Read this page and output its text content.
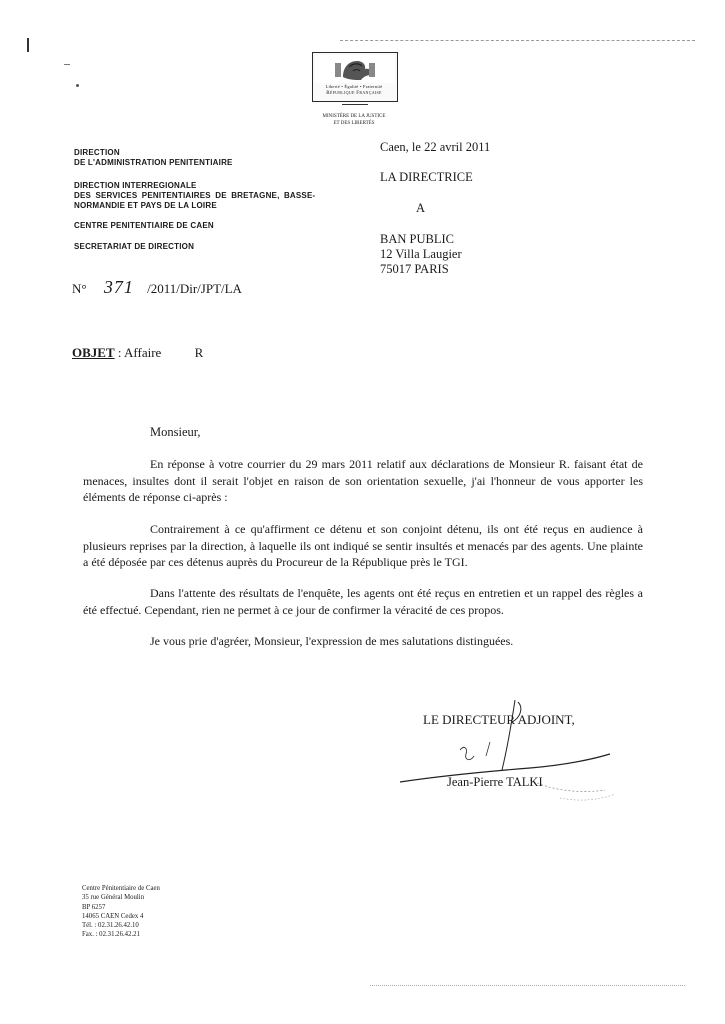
Liberté • Égalité • Fraternité
République Française
MINISTÈRE DE LA JUSTICE
ET DES LIBERTÉS
DIRECTION
DE L'ADMINISTRATION PENITENTIAIRE
DIRECTION INTERREGIONALE
DES SERVICES PENITENTIAIRES DE BRETAGNE, BASSE-
NORMANDIE ET PAYS DE LA LOIRE
CENTRE PENITENTIAIRE DE CAEN
SECRETARIAT DE DIRECTION
N° 371 /2011/Dir/JPT/LA
Caen, le 22 avril 2011
LA DIRECTRICE
A
BAN PUBLIC
12 Villa Laugier
75017 PARIS
OBJET : Affaire	R
Monsieur,
En réponse à votre courrier du 29 mars 2011 relatif aux déclarations de Monsieur R. faisant état de menaces, insultes dont il serait l'objet en raison de son orientation sexuelle, j'ai l'honneur de vous apporter les éléments de réponse ci-après :
Contrairement à ce qu'affirment ce détenu et son conjoint détenu, ils ont été reçus en audience à plusieurs reprises par la direction, à laquelle ils ont indiqué se sentir insultés et menacés par des agents. Une plainte a été déposée par ces détenus auprès du Procureur de la République près le TGI.
Dans l'attente des résultats de l'enquête, les agents ont été reçus en entretien et un rappel des règles a été effectué. Cependant, rien ne permet à ce jour de confirmer la véracité de ces propos.
Je vous prie d'agréer, Monsieur, l'expression de mes salutations distinguées.
LE DIRECTEUR ADJOINT,
Jean-Pierre TALKI
Centre Pénitentiaire de Caen
35 rue Général Moulin
BP 6257
14065 CAEN Cedex 4
Tél. : 02.31.26.42.10
Fax. : 02.31.26.42.21
